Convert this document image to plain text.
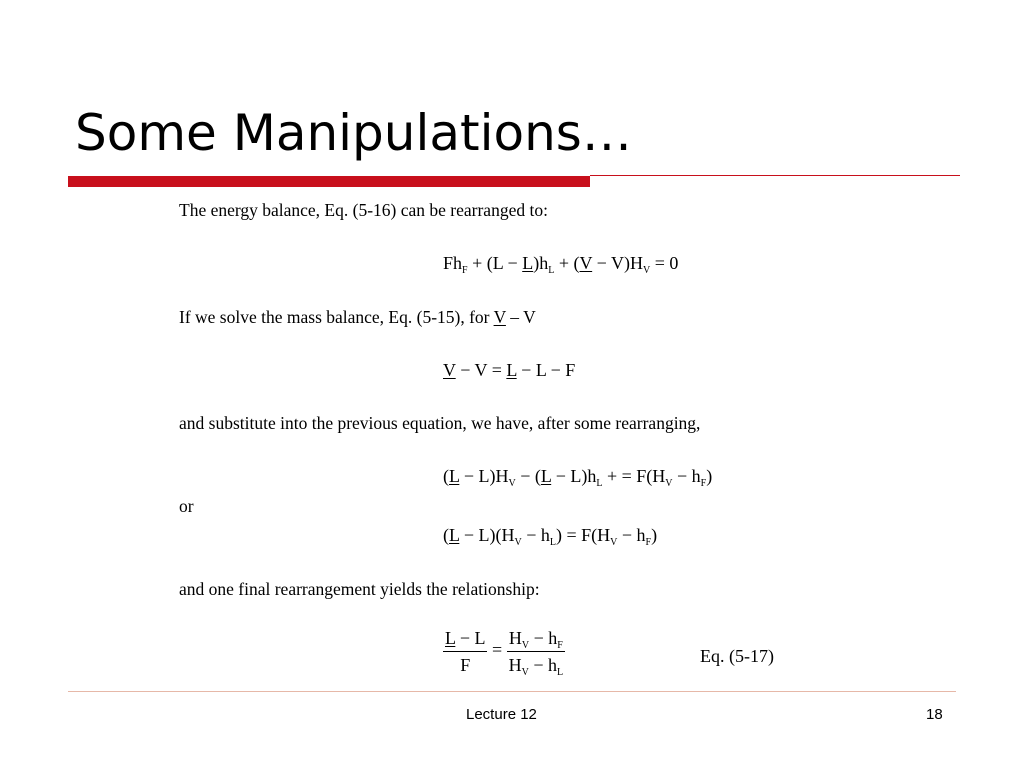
Some Manipulations…
The energy balance, Eq. (5-16) can be rearranged to:
$Fh_F + (L - L)h_L + (V - V)H_V = 0$
If we solve the mass balance, Eq. (5-15), for V – V
V − V = L − L − F
and substitute into the previous equation, we have, after some rearranging,
$(L - L)H_V - (L - L)h_L$ + = $F(H_V - h_F)$
or
$(L - L)(H_V - h_L) = F(H_V - h_F)$
and one final rearrangement yields the relationship:
$\frac{L - L}{F} = \frac{H_V - h_F}{H_V - h_L}$	Eq. (5-17)
Lecture 12	18
